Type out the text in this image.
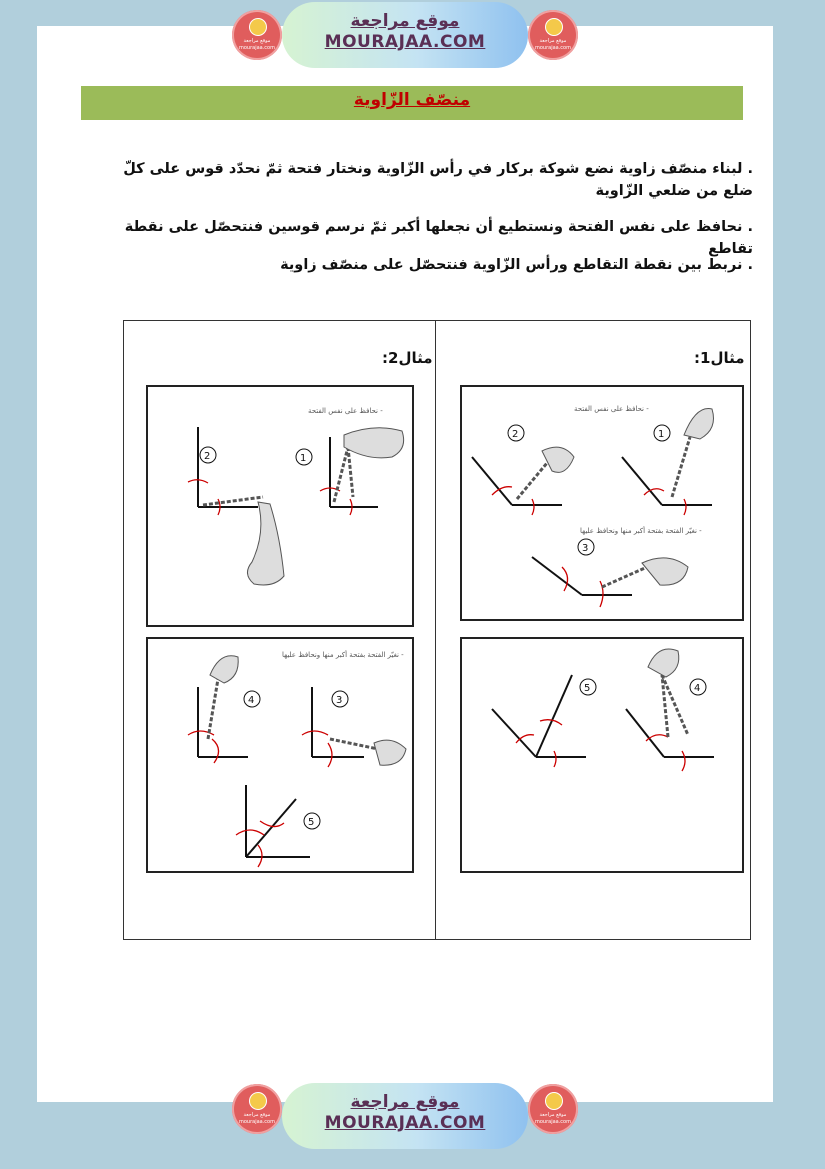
موقع مراجعة
mourajaa.com
موقع مراجعة
MOURAJAA.COM	موقع مراجعة
mourajaa.com
منصّف الزّاوية
. لبناء منصّف زاوية نضع شوكة بركار في رأس الزّاوية ونختار فتحة ثمّ نحدّد قوس على كلّ ضلع من ضلعي الزّاوية
. نحافظ على نفس الفتحة ونستطيع أن نجعلها أكبر ثمّ نرسم قوسين فنتحصّل على نقطة تقاطع
. نربط بين نقطة التقاطع ورأس الزّاوية فنتحصّل على منصّف زاوية
مثال2:	مثال1:
- نحافظ على نفس الفتحة
2	1
- نحافظ على نفس الفتحة
- نغيّر الفتحة بفتحة أكبر منها ونحافظ عليها
2	1
3
- نغيّر الفتحة بفتحة أكبر منها ونحافظ عليها
4	3
5
5	4
موقع مراجعة
mourajaa.com
موقع مراجعة
MOURAJAA.COM	موقع مراجعة
mourajaa.com
